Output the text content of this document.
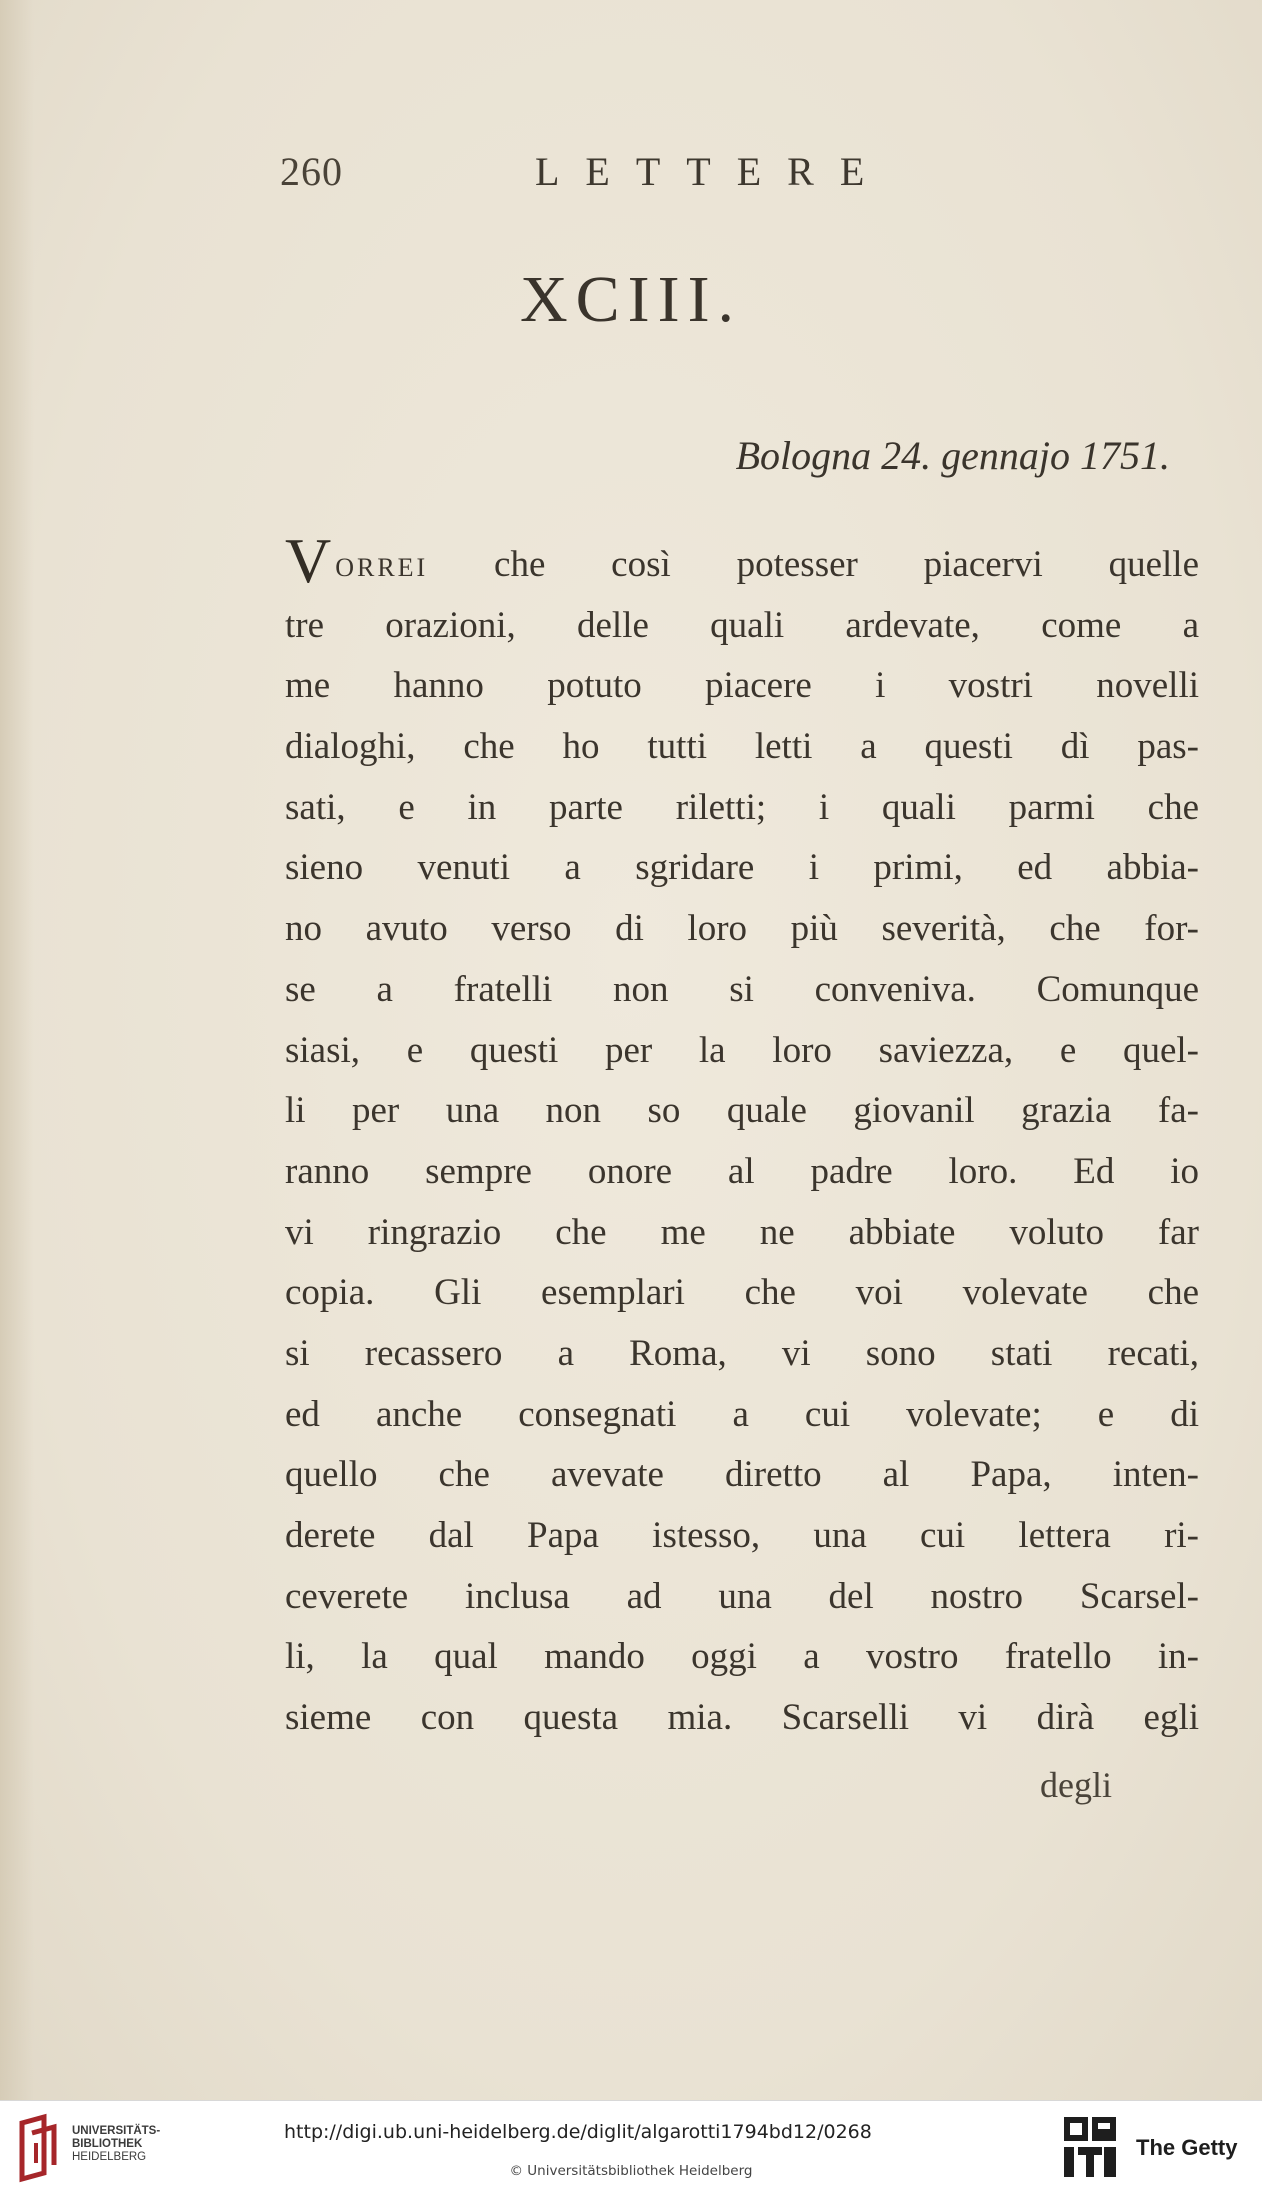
260	LETTERE
XCIII.
Bologna 24. gennajo 1751.
Vorrei che così potesser piacervi quelle
tre orazioni, delle quali ardevate, come a
me hanno potuto piacere i vostri novelli
dialoghi, che ho tutti letti a questi dì pas-
sati, e in parte riletti; i quali parmi che
sieno venuti a sgridare i primi, ed abbia-
no avuto verso di loro più severità, che for-
se a fratelli non si conveniva. Comunque
siasi, e questi per la loro saviezza, e quel-
li per una non so quale giovanil grazia fa-
ranno sempre onore al padre loro. Ed io
vi ringrazio che me ne abbiate voluto far
copia. Gli esemplari che voi volevate che
si recassero a Roma, vi sono stati recati,
ed anche consegnati a cui volevate; e di
quello che avevate diretto al Papa, inten-
derete dal Papa istesso, una cui lettera ri-
ceverete inclusa ad una del nostro Scarsel-
li, la qual mando oggi a vostro fratello in-
sieme con questa mia. Scarselli vi dirà egli
degli
UNIVERSITÄTS-
BIBLIOTHEK
HEIDELBERG
http://digi.ub.uni-heidelberg.de/diglit/algarotti1794bd12/0268
© Universitätsbibliothek Heidelberg
The Getty
